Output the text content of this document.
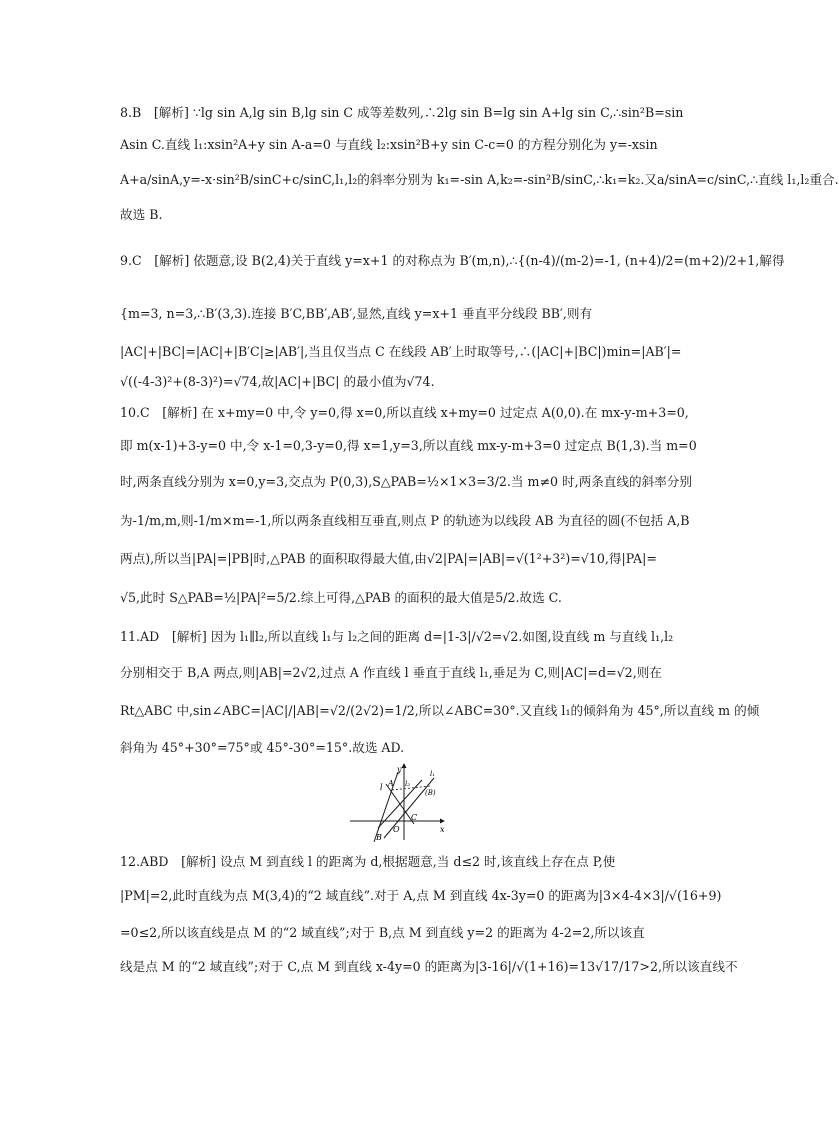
8.B　[解析] ∵lg sin A,lg sin B,lg sin C 成等差数列,∴2lg sin B=lg sin A+lg sin C,∴sin²B=sin
Asin C.直线 l₁:xsin²A+y sin A-a=0 与直线 l₂:xsin²B+y sin C-c=0 的方程分别化为 y=-xsin
A+a/sinA,y=-x·sin²B/sinC+c/sinC,l₁,l₂的斜率分别为 k₁=-sin A,k₂=-sin²B/sinC,∴k₁=k₂.又a/sinA=c/sinC,∴直线 l₁,l₂重合.
故选 B.
9.C　[解析] 依题意,设 B(2,4)关于直线 y=x+1 的对称点为 B′(m,n),∴{(n-4)/(m-2)=-1, (n+4)/2=(m+2)/2+1,解得
{m=3, n=3,∴B′(3,3).连接 B′C,BB′,AB′,显然,直线 y=x+1 垂直平分线段 BB′,则有
|AC|+|BC|=|AC|+|B′C|≥|AB′|,当且仅当点 C 在线段 AB′上时取等号,∴(|AC|+|BC|)min=|AB′|=
√((-4-3)²+(8-3)²)=√74,故|AC|+|BC| 的最小值为√74.
10.C　[解析] 在 x+my=0 中,令 y=0,得 x=0,所以直线 x+my=0 过定点 A(0,0).在 mx-y-m+3=0,
即 m(x-1)+3-y=0 中,令 x-1=0,3-y=0,得 x=1,y=3,所以直线 mx-y-m+3=0 过定点 B(1,3).当 m=0
时,两条直线分别为 x=0,y=3,交点为 P(0,3),S△PAB=½×1×3=3/2.当 m≠0 时,两条直线的斜率分别
为-1/m,m,则-1/m×m=-1,所以两条直线相互垂直,则点 P 的轨迹为以线段 AB 为直径的圆(不包括 A,B
两点),所以当|PA|=|PB|时,△PAB 的面积取得最大值,由√2|PA|=|AB|=√(1²+3²)=√10,得|PA|=
√5,此时 S△PAB=½|PA|²=5/2.综上可得,△PAB 的面积的最大值是5/2.故选 C.
11.AD　[解析] 因为 l₁∥l₂,所以直线 l₁与 l₂之间的距离 d=|1-3|/√2=√2.如图,设直线 m 与直线 l₁,l₂
分别相交于 B,A 两点,则|AB|=2√2,过点 A 作直线 l 垂直于直线 l₁,垂足为 C,则|AC|=d=√2,则在
Rt△ABC 中,sin∠ABC=|AC|/|AB|=√2/(2√2)=1/2,所以∠ABC=30°.又直线 l₁的倾斜角为 45°,所以直线 m 的倾
斜角为 45°+30°=75°或 45°-30°=15°.故选 AD.
y
x
O
l A l₂
l₁
(B)
C
B
12.ABD　[解析] 设点 M 到直线 l 的距离为 d,根据题意,当 d≤2 时,该直线上存在点 P,使
|PM|=2,此时直线为点 M(3,4)的“2 域直线”.对于 A,点 M 到直线 4x-3y=0 的距离为|3×4-4×3|/√(16+9)
=0≤2,所以该直线是点 M 的“2 域直线”;对于 B,点 M 到直线 y=2 的距离为 4-2=2,所以该直
线是点 M 的“2 域直线”;对于 C,点 M 到直线 x-4y=0 的距离为|3-16|/√(1+16)=13√17/17>2,所以该直线不
